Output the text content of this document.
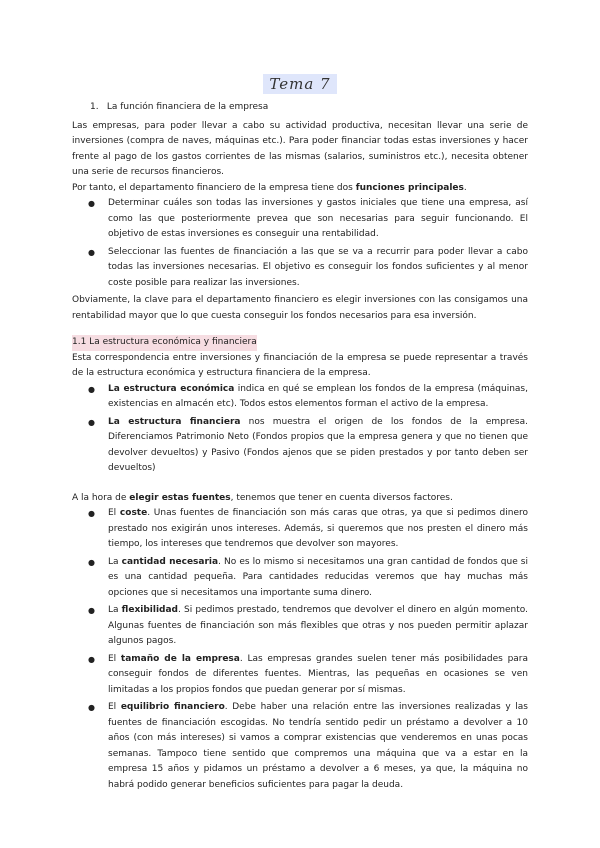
Tema 7

1. La función financiera de la empresa

Las empresas, para poder llevar a cabo su actividad productiva, necesitan llevar una serie de inversiones (compra de naves, máquinas etc.). Para poder financiar todas estas inversiones y hacer frente al pago de los gastos corrientes de las mismas (salarios, suministros etc.), necesita obtener una serie de recursos financieros.

Por tanto, el departamento financiero de la empresa tiene dos funciones principales.

● Determinar cuáles son todas las inversiones y gastos iniciales que tiene una empresa, así como las que posteriormente prevea que son necesarias para seguir funcionando. El objetivo de estas inversiones es conseguir una rentabilidad.
● Seleccionar las fuentes de financiación a las que se va a recurrir para poder llevar a cabo todas las inversiones necesarias. El objetivo es conseguir los fondos suficientes y al menor coste posible para realizar las inversiones.

Obviamente, la clave para el departamento financiero es elegir inversiones con las consigamos una rentabilidad mayor que lo que cuesta conseguir los fondos necesarios para esa inversión.

1.1 La estructura económica y financiera

Esta correspondencia entre inversiones y financiación de la empresa se puede representar a través de la estructura económica y estructura financiera de la empresa.

● La estructura económica indica en qué se emplean los fondos de la empresa (máquinas, existencias en almacén etc). Todos estos elementos forman el activo de la empresa.
● La estructura financiera nos muestra el origen de los fondos de la empresa. Diferenciamos Patrimonio Neto (Fondos propios que la empresa genera y que no tienen que devolver devueltos) y Pasivo (Fondos ajenos que se piden prestados y por tanto deben ser devueltos)

A la hora de elegir estas fuentes, tenemos que tener en cuenta diversos factores.

● El coste. Unas fuentes de financiación son más caras que otras, ya que si pedimos dinero prestado nos exigirán unos intereses. Además, si queremos que nos presten el dinero más tiempo, los intereses que tendremos que devolver son mayores.
● La cantidad necesaria. No es lo mismo si necesitamos una gran cantidad de fondos que si es una cantidad pequeña. Para cantidades reducidas veremos que hay muchas más opciones que si necesitamos una importante suma dinero.
● La flexibilidad. Si pedimos prestado, tendremos que devolver el dinero en algún momento. Algunas fuentes de financiación son más flexibles que otras y nos pueden permitir aplazar algunos pagos.
● El tamaño de la empresa. Las empresas grandes suelen tener más posibilidades para conseguir fondos de diferentes fuentes. Mientras, las pequeñas en ocasiones se ven limitadas a los propios fondos que puedan generar por sí mismas.
● El equilibrio financiero. Debe haber una relación entre las inversiones realizadas y las fuentes de financiación escogidas. No tendría sentido pedir un préstamo a devolver a 10 años (con más intereses) si vamos a comprar existencias que venderemos en unas pocas semanas. Tampoco tiene sentido que compremos una máquina que va a estar en la empresa 15 años y pidamos un préstamo a devolver a 6 meses, ya que, la máquina no habrá podido generar beneficios suficientes para pagar la deuda.
